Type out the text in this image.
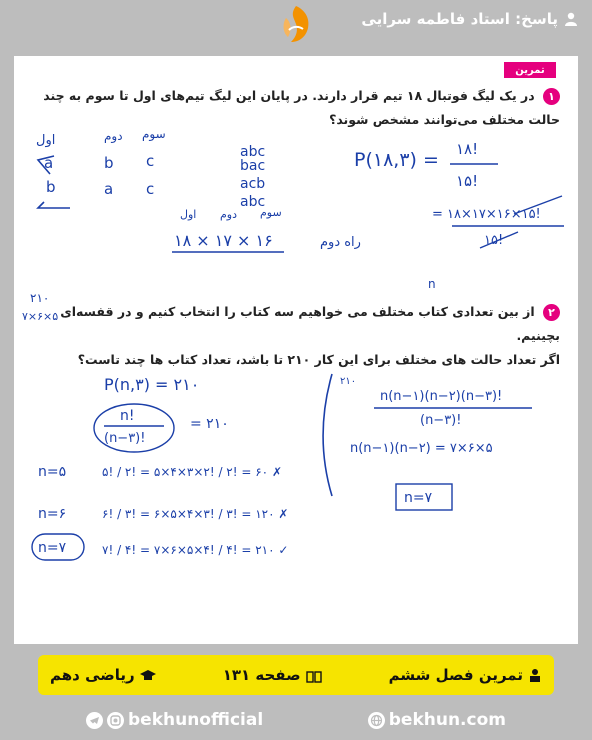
پاسخ: استاد فاطمه سرایی
تمرین
۱ در یک لیگ فوتبال ۱۸ تیم قرار دارند. در پایان این لیگ تیم‌های اول تا سوم به چند
حالت مختلف می‌توانند مشخص شوند؟
۲ از بین تعدادی کتاب مختلف می خواهیم سه کتاب را انتخاب کنیم و در قفسه‌ای بچینیم.
اگر تعداد حالت های مختلف برای این کار ۲۱۰ تا باشد، تعداد کتاب ها چند تاست؟
اول	دوم سوم
a	b c
b	a c
abc
bac
acb
abc
P(۱۸,۳) = ۱۸!
۱۵!
اول دوم سوم
۱۸ × ۱۷ × ۱۶	راه دوم
= ۱۸×۱۷×۱۶×۱۵!
۱۵!
n
۲۱۰
۷×۶×۵
P(n,۳) = ۲۱۰
n!
(n−۳)!
= ۲۱۰
n=۵	۵! / ۲! = ۵×۴×۳×۲! / ۲! = ۶۰ ✗
n=۶	۶! / ۳! = ۶×۵×۴×۳! / ۳! = ۱۲۰ ✗
n=۷	۷! / ۴! = ۷×۶×۵×۴! / ۴! = ۲۱۰ ✓
۲۱۰
n(n−۱)(n−۲)(n−۳)!
(n−۳)!
n(n−۱)(n−۲) = ۷×۶×۵
n=۷
تمرین فصل ششم
صفحه ۱۳۱
ریاضی دهم
bekhunofficial	bekhun.com
